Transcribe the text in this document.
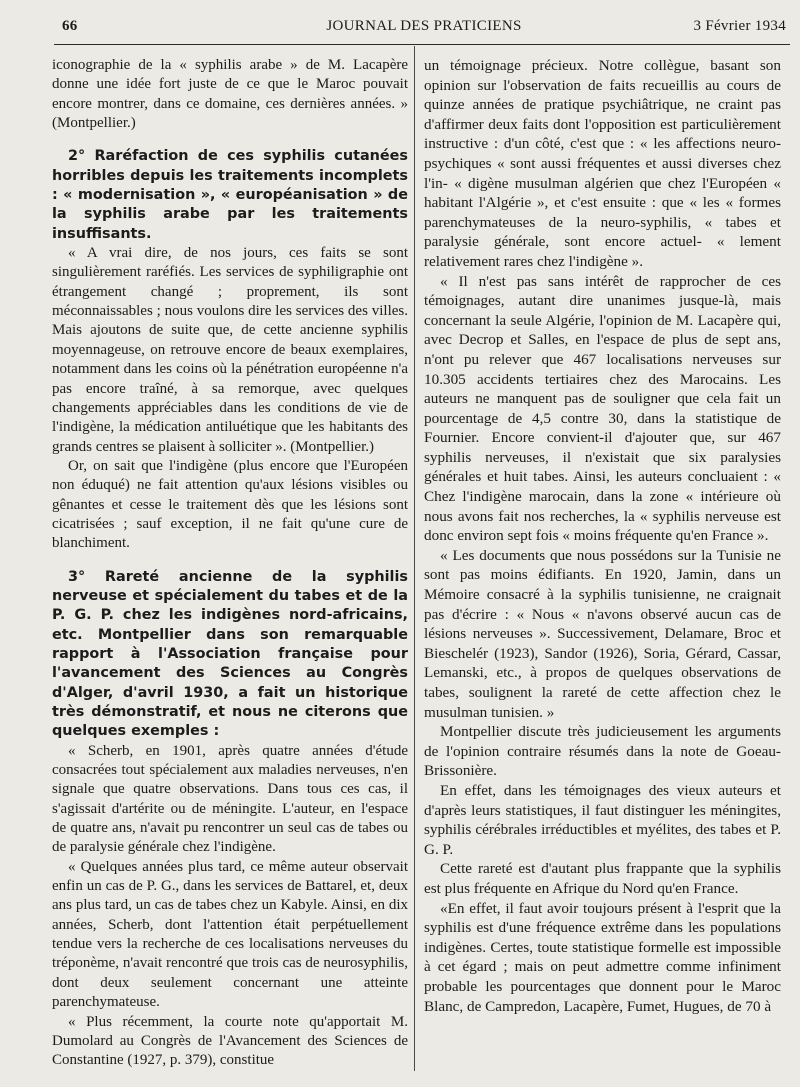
66	JOURNAL DES PRATICIENS	3 Février 1934

iconographie de la « syphilis arabe » de M. Lacapère donne une idée fort juste de ce que le Maroc pouvait encore montrer, dans ce domaine, ces dernières années. » (Montpellier.)

2° Raréfaction de ces syphilis cutanées horribles depuis les traitements incomplets : « modernisation », « européanisation » de la syphilis arabe par les traitements insuffisants.

« A vrai dire, de nos jours, ces faits se sont singulièrement raréfiés. Les services de syphiligraphie ont étrangement changé ; proprement, ils sont méconnaissables ; nous voulons dire les services des villes. Mais ajoutons de suite que, de cette ancienne syphilis moyennageuse, on retrouve encore de beaux exemplaires, notamment dans les coins où la pénétration européenne n'a pas encore traîné, à sa remorque, avec quelques changements appréciables dans les conditions de vie de l'indigène, la médication antiluétique que les habitants des grands centres se plaisent à solliciter ». (Montpellier.)

Or, on sait que l'indigène (plus encore que l'Européen non éduqué) ne fait attention qu'aux lésions visibles ou gênantes et cesse le traitement dès que les lésions sont cicatrisées ; sauf exception, il ne fait qu'une cure de blanchiment.

3° Rareté ancienne de la syphilis nerveuse et spécialement du tabes et de la P. G. P. chez les indigènes nord-africains, etc. Montpellier dans son remarquable rapport à l'Association française pour l'avancement des Sciences au Congrès d'Alger, d'avril 1930, a fait un historique très démonstratif, et nous ne citerons que quelques exemples :

« Scherb, en 1901, après quatre années d'étude consacrées tout spécialement aux maladies nerveuses, n'en signale que quatre observations. Dans tous ces cas, il s'agissait d'artérite ou de méningite. L'auteur, en l'espace de quatre ans, n'avait pu rencontrer un seul cas de tabes ou de paralysie générale chez l'indigène.

« Quelques années plus tard, ce même auteur observait enfin un cas de P. G., dans les services de Battarel, et, deux ans plus tard, un cas de tabes chez un Kabyle. Ainsi, en dix années, Scherb, dont l'attention était perpétuellement tendue vers la recherche de ces localisations nerveuses du tréponème, n'avait rencontré que trois cas de neurosyphilis, dont deux seulement concernant une atteinte parenchymateuse.

« Plus récemment, la courte note qu'apportait M. Dumolard au Congrès de l'Avancement des Sciences de Constantine (1927, p. 379), constitue

un témoignage précieux. Notre collègue, basant son opinion sur l'observation de faits recueillis au cours de quinze années de pratique psychiâtrique, ne craint pas d'affirmer deux faits dont l'opposition est particulièrement instructive : d'un côté, c'est que : « les affections neuro-psychiques « sont aussi fréquentes et aussi diverses chez l'in- « digène musulman algérien que chez l'Européen « habitant l'Algérie », et c'est ensuite : que « les « formes parenchymateuses de la neuro-syphilis, « tabes et paralysie générale, sont encore actuel- « lement relativement rares chez l'indigène ».

« Il n'est pas sans intérêt de rapprocher de ces témoignages, autant dire unanimes jusque-là, mais concernant la seule Algérie, l'opinion de M. Lacapère qui, avec Decrop et Salles, en l'espace de plus de sept ans, n'ont pu relever que 467 localisations nerveuses sur 10.305 accidents tertiaires chez des Marocains. Les auteurs ne manquent pas de souligner que cela fait un pourcentage de 4,5 contre 30, dans la statistique de Fournier. Encore convient-il d'ajouter que, sur 467 syphilis nerveuses, il n'existait que six paralysies générales et huit tabes. Ainsi, les auteurs concluaient : « Chez l'indigène marocain, dans la zone « intérieure où nous avons fait nos recherches, la « syphilis nerveuse est donc environ sept fois « moins fréquente qu'en France ».

« Les documents que nous possédons sur la Tunisie ne sont pas moins édifiants. En 1920, Jamin, dans un Mémoire consacré à la syphilis tunisienne, ne craignait pas d'écrire : « Nous « n'avons observé aucun cas de lésions nerveuses ». Successivement, Delamare, Broc et Bieschelér (1923), Sandor (1926), Soria, Gérard, Cassar, Lemanski, etc., à propos de quelques observations de tabes, soulignent la rareté de cette affection chez le musulman tunisien. »

Montpellier discute très judicieusement les arguments de l'opinion contraire résumés dans la note de Goeau-Brissonière.

En effet, dans les témoignages des vieux auteurs et d'après leurs statistiques, il faut distinguer les méningites, syphilis cérébrales irréductibles et myélites, des tabes et P. G. P.

Cette rareté est d'autant plus frappante que la syphilis est plus fréquente en Afrique du Nord qu'en France.

«En effet, il faut avoir toujours présent à l'esprit que la syphilis est d'une fréquence extrême dans les populations indigènes. Certes, toute statistique formelle est impossible à cet égard ; mais on peut admettre comme infiniment probable les pourcentages que donnent pour le Maroc Blanc, de Campredon, Lacapère, Fumet, Hugues, de 70 à
